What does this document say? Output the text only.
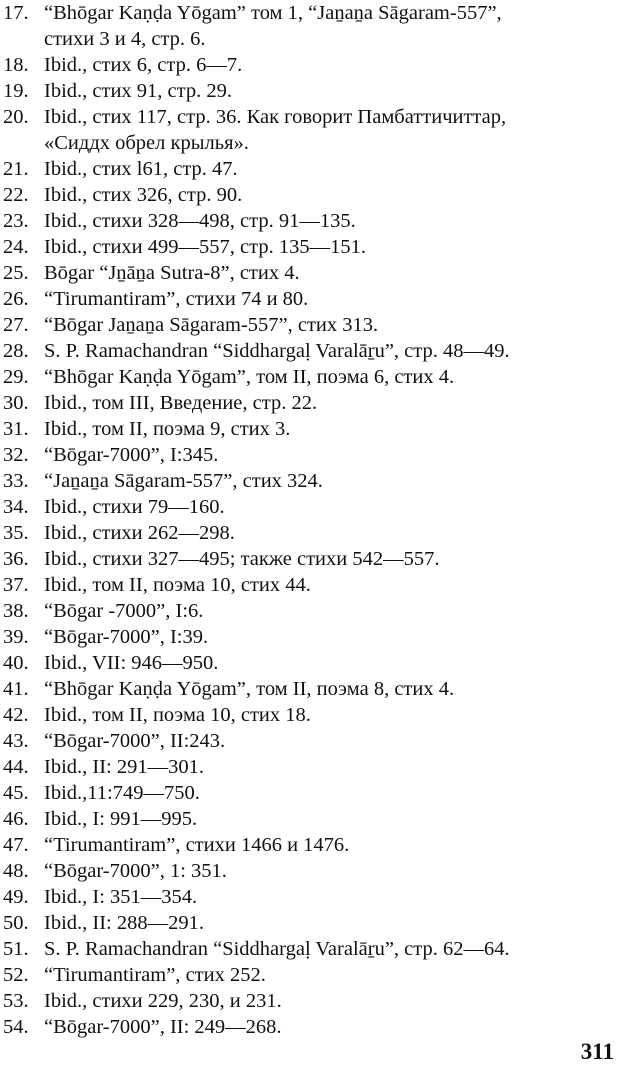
17. “Bhōgar Kaṇḍa Yōgam” том 1, “Jaṉaṉa Sāgaram-557”,
стихи 3 и 4, стр. 6.
18. Ibid., стих 6, стр. 6—7.
19. Ibid., стих 91, стр. 29.
20. Ibid., стих 117, стр. 36. Как говорит Памбаттичиттар,
«Сиддх обрел крылья».
21. Ibid., стих l61, стр. 47.
22. Ibid., стих 326, стр. 90.
23. Ibid., стихи 328—498, стр. 91—135.
24. Ibid., стихи 499—557, стр. 135—151.
25. Bōgar “Jṉāṉa Sutra-8”, стих 4.
26. “Tirumantiram”, стихи 74 и 80.
27. “Bōgar Jaṉaṉa Sāgaram-557”, стих 313.
28. S. P. Ramachandran “Siddhargaḷ Varalāṟu”, стр. 48—49.
29. “Bhōgar Kaṇḍa Yōgam”, том II, поэма 6, стих 4.
30. Ibid., том III, Введение, стр. 22.
31. Ibid., том II, поэма 9, стих 3.
32. “Bōgar-7000”, I:345.
33. “Jaṉaṉa Sāgaram-557”, стих 324.
34. Ibid., стихи 79—160.
35. Ibid., стихи 262—298.
36. Ibid., стихи 327—495; также стихи 542—557.
37. Ibid., том II, поэма 10, стих 44.
38. “Bōgar -7000”, I:6.
39. “Bōgar-7000”, I:39.
40. Ibid., VII: 946—950.
41. “Bhōgar Kaṇḍa Yōgam”, том II, поэма 8, стих 4.
42. Ibid., том II, поэма 10, стих 18.
43. “Bōgar-7000”, II:243.
44. Ibid., II: 291—301.
45. Ibid.,11:749—750.
46. Ibid., I: 991—995.
47. “Tirumantiram”, стихи 1466 и 1476.
48. “Bōgar-7000”, 1: 351.
49. Ibid., I: 351—354.
50. Ibid., II: 288—291.
51. S. P. Ramachandran “Siddhargaḷ Varalāṟu”, стр. 62—64.
52. “Tirumantiram”, стих 252.
53. Ibid., стихи 229, 230, и 231.
54. “Bōgar-7000”, II: 249—268.
311
